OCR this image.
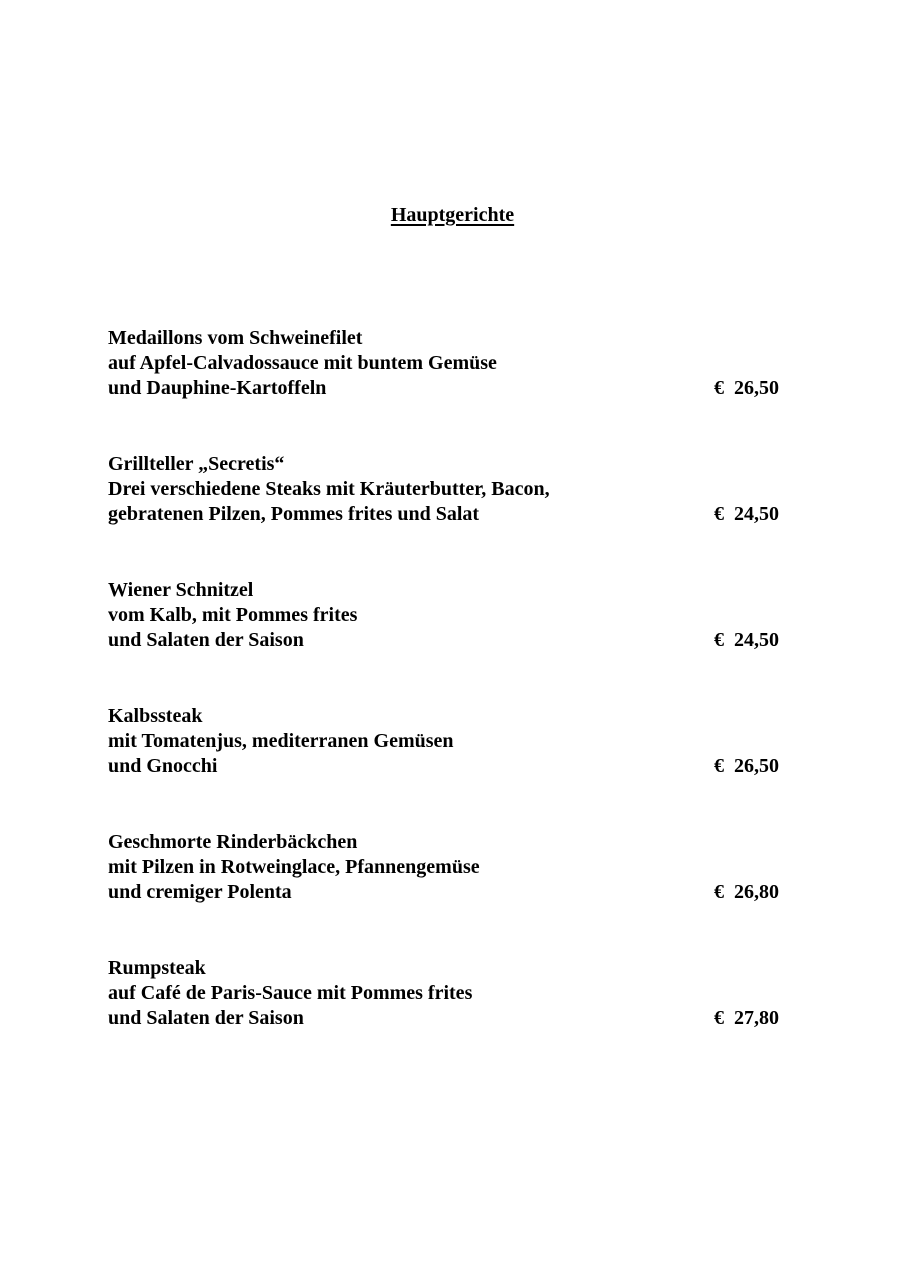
Hauptgerichte
Medaillons vom Schweinefilet
auf Apfel-Calvadossauce mit buntem Gemüse
und Dauphine-Kartoffeln	€ 26,50
Grillteller „Secretis“
Drei verschiedene Steaks mit Kräuterbutter, Bacon,
gebratenen Pilzen, Pommes frites und Salat	€ 24,50
Wiener Schnitzel
vom Kalb, mit Pommes frites
und Salaten der Saison	€ 24,50
Kalbssteak
mit Tomatenjus, mediterranen Gemüsen
und Gnocchi	€ 26,50
Geschmorte Rinderbäckchen
mit Pilzen in Rotweinglace, Pfannengemüse
und cremiger Polenta	€ 26,80
Rumpsteak
auf Café de Paris-Sauce mit Pommes frites
und Salaten der Saison	€ 27,80
